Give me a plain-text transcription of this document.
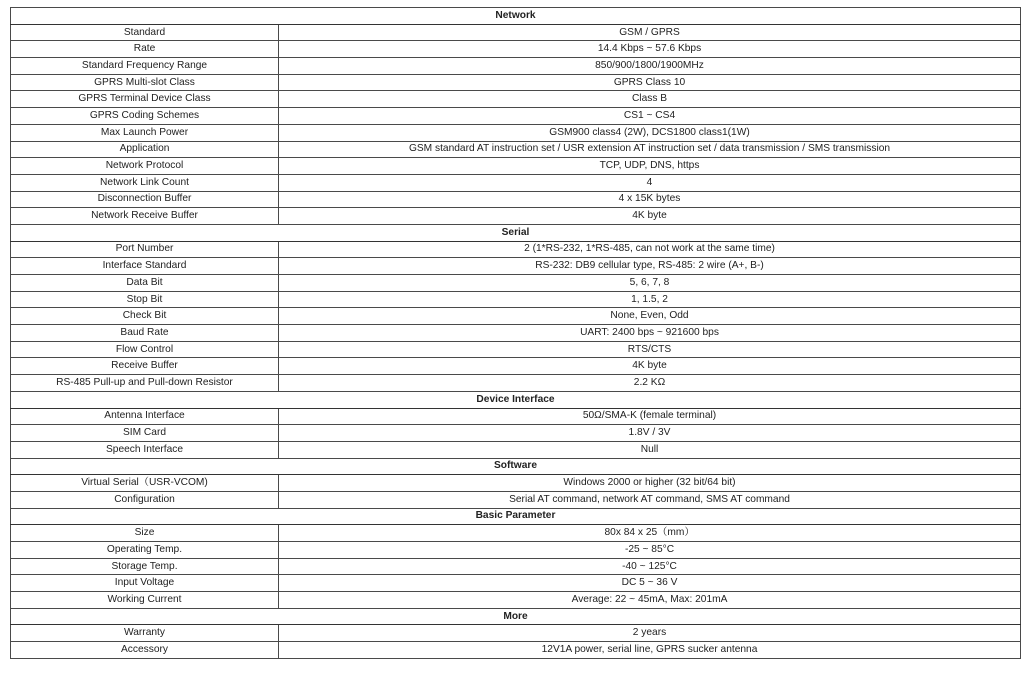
Network	
Standard	GSM / GPRS
Rate	14.4 Kbps ~ 57.6 Kbps
Standard Frequency Range	850/900/1800/1900MHz
GPRS Multi-slot Class	GPRS Class 10
GPRS Terminal Device Class	Class B
GPRS Coding Schemes	CS1 ~ CS4
Max Launch Power	GSM900 class4 (2W), DCS1800 class1(1W)
Application	GSM standard AT instruction set / USR extension AT instruction set / data transmission / SMS transmission
Network Protocol	TCP, UDP, DNS, https
Network Link Count	4
Disconnection Buffer	4 x 15K bytes
Network Receive Buffer	4K byte
Serial	
Port Number	2 (1*RS-232, 1*RS-485, can not work at the same time)
Interface Standard	RS-232: DB9 cellular type, RS-485: 2 wire (A+, B-)
Data Bit	5, 6, 7, 8
Stop Bit	1, 1.5, 2
Check Bit	None, Even, Odd
Baud Rate	UART: 2400 bps ~ 921600 bps
Flow Control	RTS/CTS
Receive Buffer	4K byte
RS-485 Pull-up and Pull-down Resistor	2.2 KΩ
Device Interface	
Antenna Interface	50Ω/SMA-K (female terminal)
SIM Card	1.8V / 3V
Speech Interface	Null
Software	
Virtual Serial（USR-VCOM)	Windows 2000 or higher (32 bit/64 bit)
Configuration	Serial AT command, network AT command, SMS AT command
Basic Parameter	
Size	80x 84 x 25（mm）
Operating Temp.	-25 ~ 85°C
Storage Temp.	-40 ~ 125°C
Input Voltage	DC 5 ~ 36 V
Working Current	Average: 22 ~ 45mA, Max: 201mA
More	
Warranty	2 years
Accessory	12V1A power, serial line, GPRS sucker antenna
